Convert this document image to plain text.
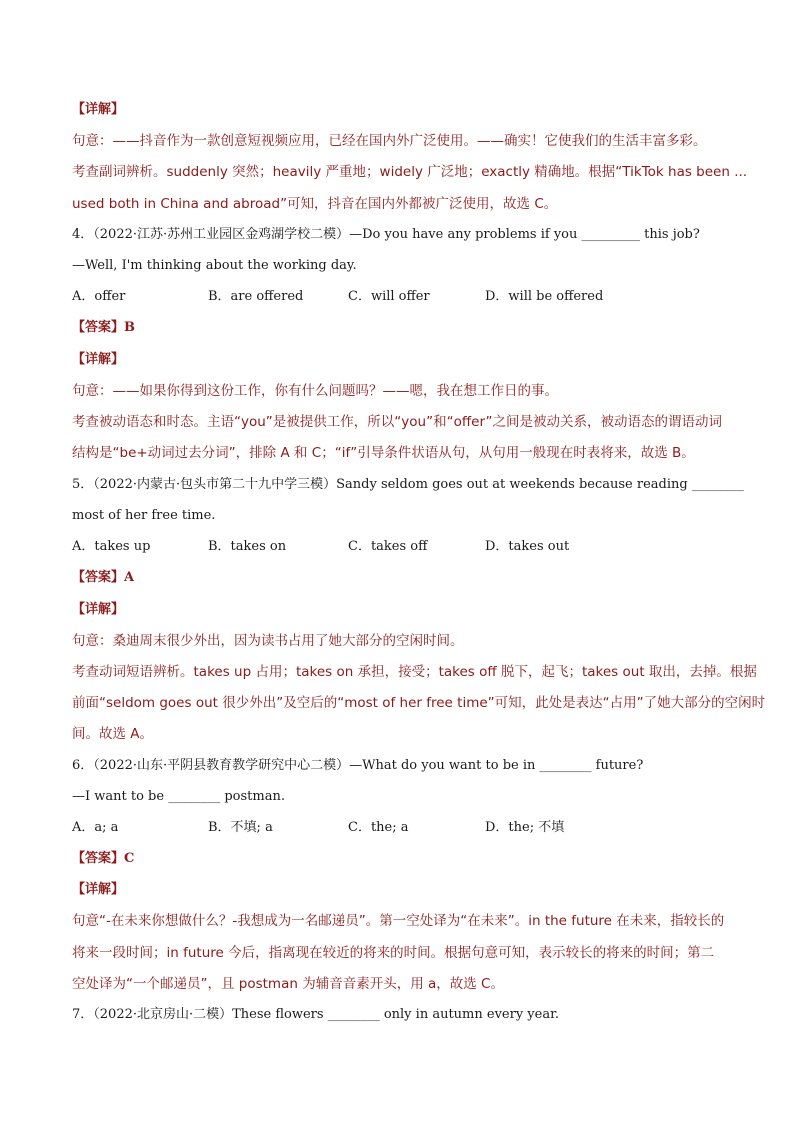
【详解】
句意：——抖音作为一款创意短视频应用，已经在国内外广泛使用。——确实！它使我们的生活丰富多彩。
考查副词辨析。suddenly 突然；heavily 严重地；widely 广泛地；exactly 精确地。根据“TikTok has been ...
used both in China and abroad”可知，抖音在国内外都被广泛使用，故选 C。
4．（2022·江苏·苏州工业园区金鸡湖学校二模）—Do you have any problems if you _________ this job?
—Well, I'm thinking about the working day.
A．offer	B．are offered	C．will offer	D．will be offered
【答案】B
【详解】
句意：——如果你得到这份工作，你有什么问题吗？——嗯，我在想工作日的事。
考查被动语态和时态。主语“you”是被提供工作，所以“you”和“offer”之间是被动关系，被动语态的谓语动词
结构是“be+动词过去分词”，排除 A 和 C；“if”引导条件状语从句，从句用一般现在时表将来，故选 B。
5．（2022·内蒙古·包头市第二十九中学三模）Sandy seldom goes out at weekends because reading ________
most of her free time.
A．takes up	B．takes on	C．takes off	D．takes out
【答案】A
【详解】
句意：桑迪周末很少外出，因为读书占用了她大部分的空闲时间。
考查动词短语辨析。takes up 占用；takes on 承担，接受；takes off 脱下，起飞；takes out 取出，去掉。根据
前面“seldom goes out 很少外出”及空后的“most of her free time”可知，此处是表达“占用”了她大部分的空闲时
间。故选 A。
6．（2022·山东·平阴县教育教学研究中心二模）—What do you want to be in ________ future?
—I want to be ________ postman.
A．a; a	B．不填; a	C．the; a	D．the; 不填
【答案】C
【详解】
句意“-在未来你想做什么？-我想成为一名邮递员”。第一空处译为“在未来”。in the future 在未来，指较长的
将来一段时间；in future 今后，指离现在较近的将来的时间。根据句意可知，表示较长的将来的时间；第二
空处译为“一个邮递员”，且 postman 为辅音音素开头，用 a，故选 C。
7．（2022·北京房山·二模）These flowers ________ only in autumn every year.
